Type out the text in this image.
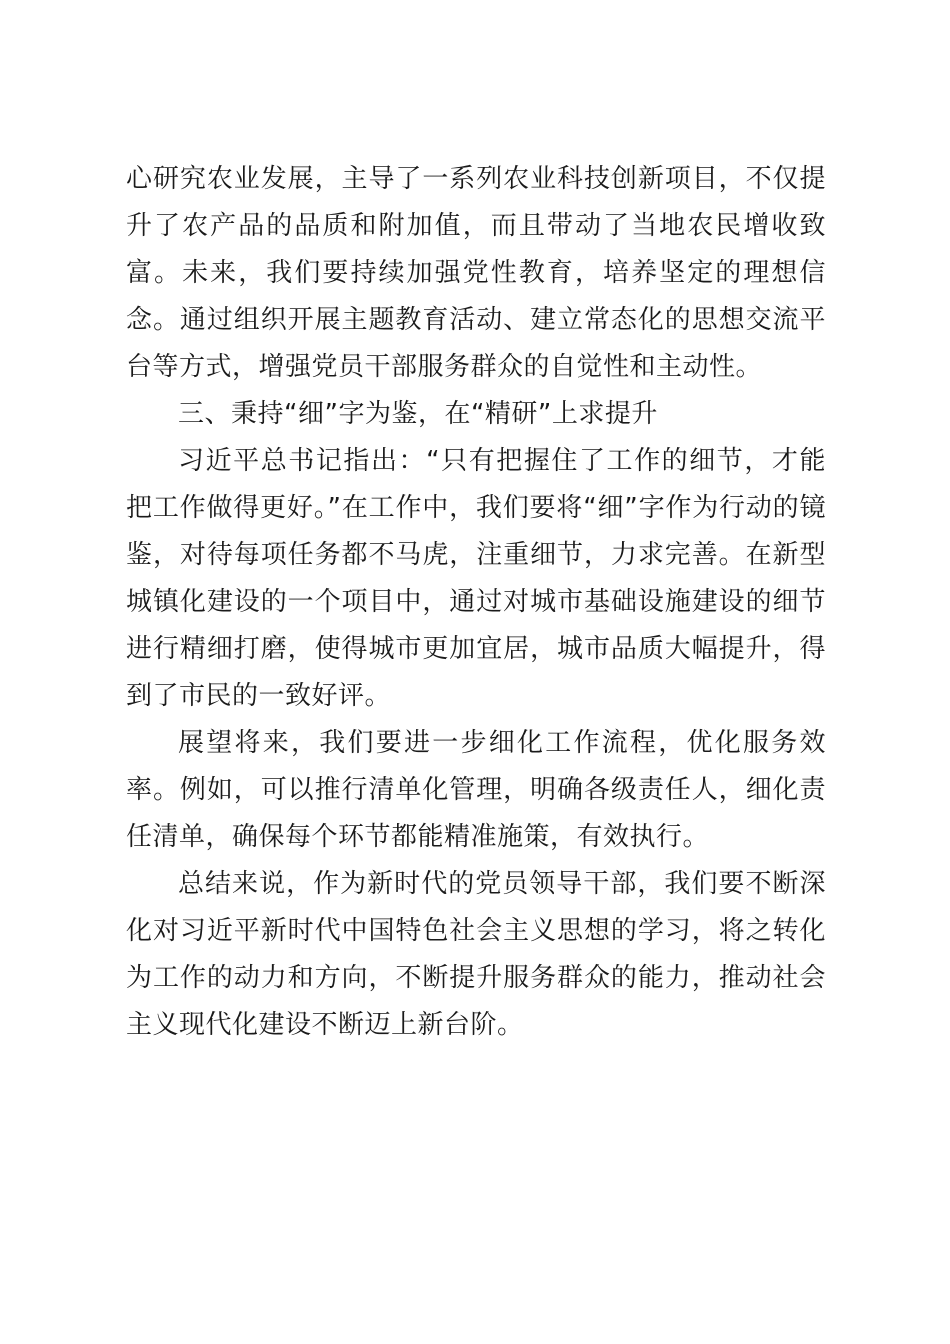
心研究农业发展，主导了一系列农业科技创新项目，不仅提升了农产品的品质和附加值，而且带动了当地农民增收致富。未来，我们要持续加强党性教育，培养坚定的理想信念。通过组织开展主题教育活动、建立常态化的思想交流平台等方式，增强党员干部服务群众的自觉性和主动性。

三、秉持“细”字为鉴，在“精研”上求提升

习近平总书记指出：“只有把握住了工作的细节，才能把工作做得更好。”在工作中，我们要将“细”字作为行动的镜鉴，对待每项任务都不马虎，注重细节，力求完善。在新型城镇化建设的一个项目中，通过对城市基础设施建设的细节进行精细打磨，使得城市更加宜居，城市品质大幅提升，得到了市民的一致好评。

展望将来，我们要进一步细化工作流程，优化服务效率。例如，可以推行清单化管理，明确各级责任人，细化责任清单，确保每个环节都能精准施策，有效执行。

总结来说，作为新时代的党员领导干部，我们要不断深化对习近平新时代中国特色社会主义思想的学习，将之转化为工作的动力和方向，不断提升服务群众的能力，推动社会主义现代化建设不断迈上新台阶。
